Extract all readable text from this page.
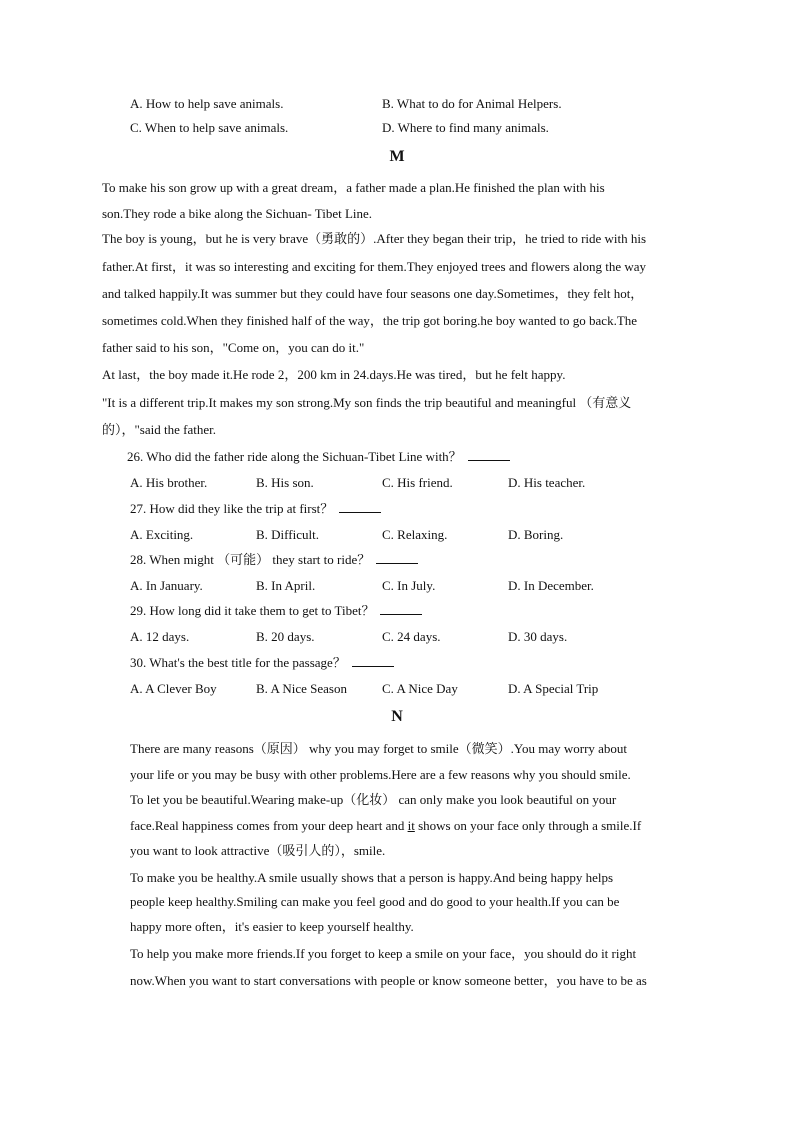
A. How to help save animals.	B. What to do for Animal Helpers.
C. When to help save animals.	D. Where to find many animals.
M
To make his son grow up with a great dream，a father made a plan.He finished the plan with his
son.They rode a bike along the Sichuan- Tibet Line.
The boy is young，but he is very brave（勇敢的）.After they began their trip，he tried to ride with his
father.At first，it was so interesting and exciting for them.They enjoyed trees and flowers along the way
and talked happily.It was summer but they could have four seasons one day.Sometimes，they felt hot，
sometimes cold.When they finished half of the way，the trip got boring.he boy wanted to go back.The
father said to his son，"Come on，you can do it."
At last，the boy made it.He rode 2，200 km in 24.days.He was tired，but he felt happy.
"It is a different trip.It makes my son strong.My son finds the trip beautiful and meaningful （有意义
的），"said the father.
26. Who did the father ride along the Sichuan-Tibet Line with？
A. His brother.	B. His son.	C. His friend.	D. His teacher.
27. How did they like the trip at first？
A. Exciting.	B. Difficult.	C. Relaxing.	D. Boring.
28. When might （可能） they start to ride？
A. In January.	B. In April.	C. In July.	D. In December.
29. How long did it take them to get to Tibet？
A. 12 days.	B. 20 days.	C. 24 days.	D. 30 days.
30. What's the best title for the passage？
A. A Clever Boy	B. A Nice Season	C. A Nice Day	D. A Special Trip
N
There are many reasons（原因） why you may forget to smile（微笑）.You may worry about
your life or you may be busy with other problems.Here are a few reasons why you should smile.
To let you be beautiful.Wearing make-up（化妆） can only make you look beautiful on your
face.Real happiness comes from your deep heart and it shows on your face only through a smile.If
you want to look attractive（吸引人的），smile.
To make you be healthy.A smile usually shows that a person is happy.And being happy helps
people keep healthy.Smiling can make you feel good and do good to your health.If you can be
happy more often，it's easier to keep yourself healthy.
To help you make more friends.If you forget to keep a smile on your face，you should do it right
now.When you want to start conversations with people or know someone better，you have to be as
